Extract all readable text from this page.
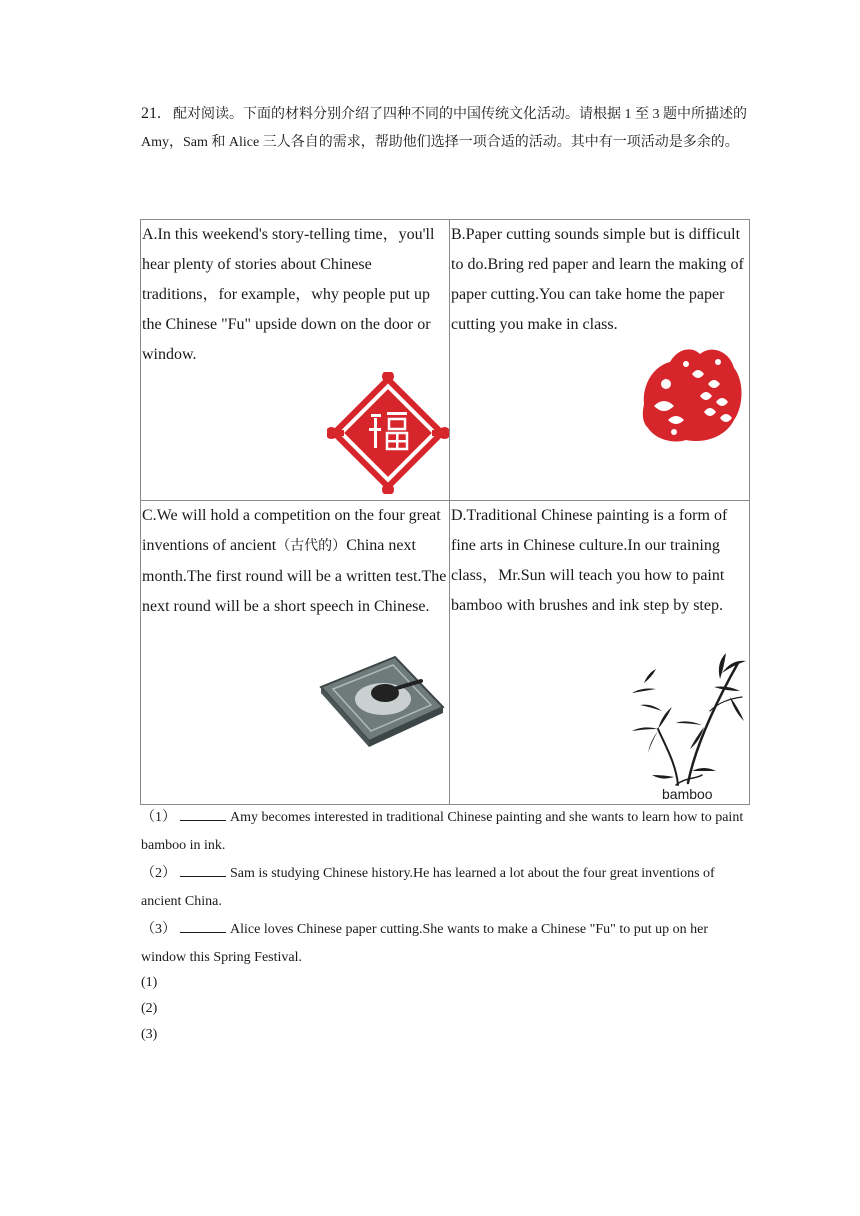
21. 配对阅读。下面的材料分别介绍了四种不同的中国传统文化活动。请根据 1 至 3 题中所描述的 Amy，Sam 和 Alice 三人各自的需求，帮助他们选择一项合适的活动。其中有一项活动是多余的。
A.In this weekend's story-telling time，you'll hear plenty of stories about Chinese traditions，for example，why people put up the Chinese "Fu" upside down on the door or window.	B.Paper cutting sounds simple but is difficult to do.Bring red paper and learn the making of paper cutting.You can take home the paper cutting you make in class.

C.We will hold a competition on the four great inventions of ancient（古代的）China next month.The first round will be a written test.The next round will be a short speech in Chinese.	D.Traditional Chinese painting is a form of fine arts in Chinese culture.In our training class，Mr.Sun will teach you how to paint bamboo with brushes and ink step by step.
bamboo
（1）	Amy becomes interested in traditional Chinese painting and she wants to learn how to paint bamboo in ink.
（2）	Sam is studying Chinese history.He has learned a lot about the four great inventions of ancient China.
（3）	Alice loves Chinese paper cutting.She wants to make a Chinese "Fu" to put up on her window this Spring Festival.
(1)
(2)
(3)
